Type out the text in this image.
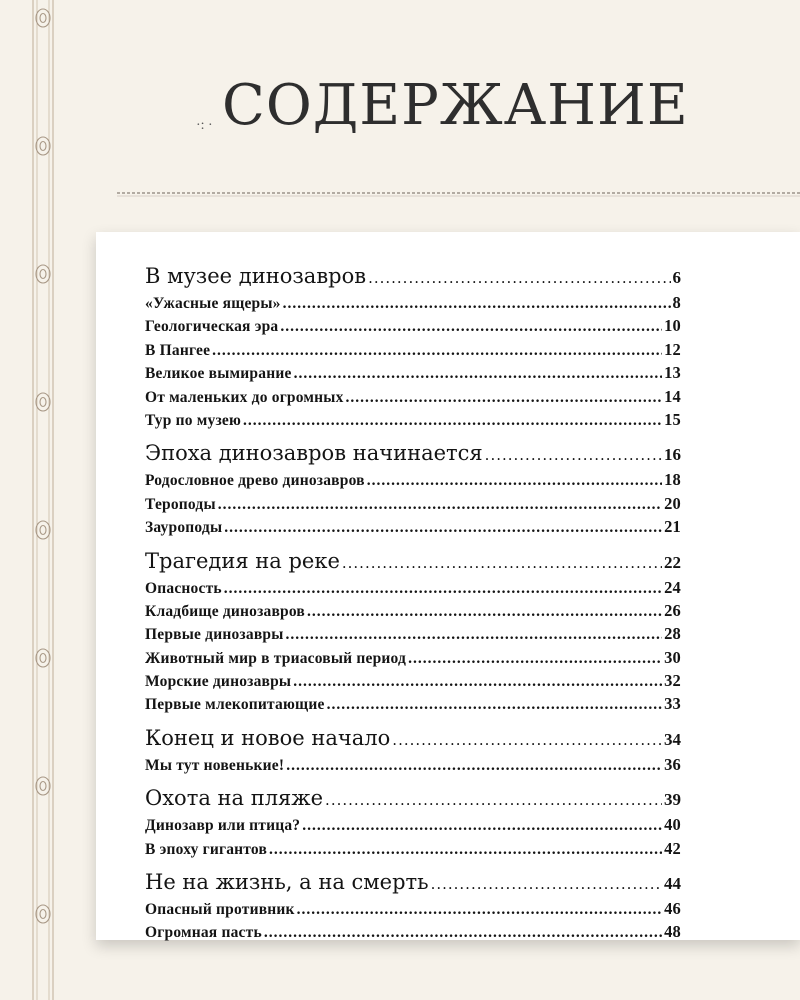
·: · СОДЕРЖАНИЕ
В музее динозавров .....	6
«Ужасные ящеры» .....	8
Геологическая эра .....	10
В Пангее .....	12
Великое вымирание .....	13
От маленьких до огромных .....	14
Тур по музею .....	15
Эпоха динозавров начинается .....	16
Родословное древо динозавров .....	18
Тероподы .....	20
Зауроподы .....	21
Трагедия на реке .....	22
Опасность .....	24
Кладбище динозавров .....	26
Первые динозавры .....	28
Животный мир в триасовый период .....	30
Морские динозавры .....	32
Первые млекопитающие .....	33
Конец и новое начало .....	34
Мы тут новенькие! .....	36
Охота на пляже .....	39
Динозавр или птица? .....	40
В эпоху гигантов .....	42
Не на жизнь, а на смерть .....	44
Опасный противник .....	46
Огромная пасть .....	48
